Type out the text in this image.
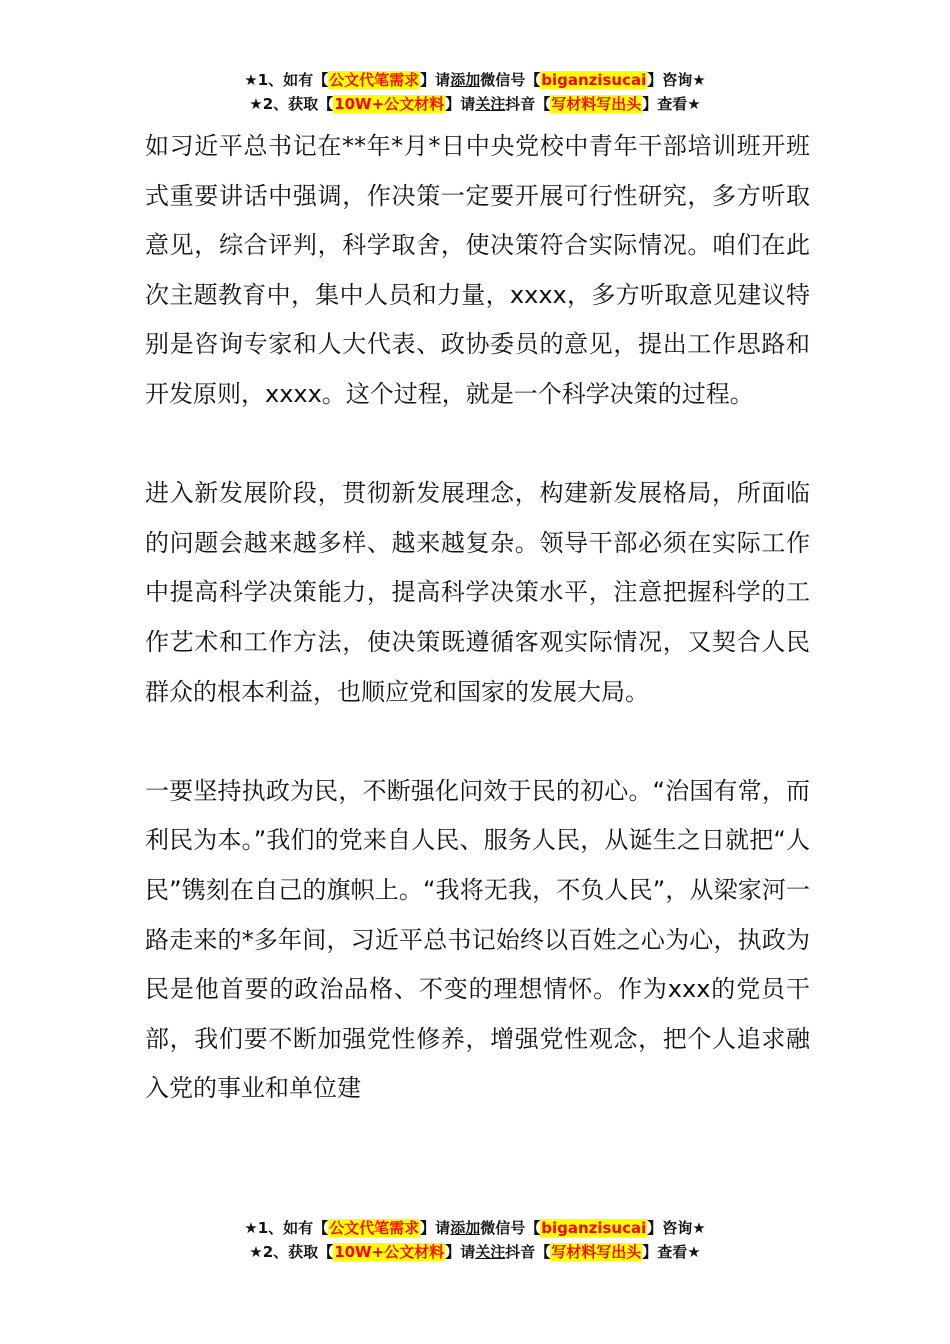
★1、如有【公文代笔需求】请添加微信号【biganzisucai】咨询★
★2、获取【10W+公文材料】请关注抖音【写材料写出头】查看★

如习近平总书记在**年*月*日中央党校中青年干部培训班开班式重要讲话中强调，作决策一定要开展可行性研究，多方听取意见，综合评判，科学取舍，使决策符合实际情况。咱们在此次主题教育中，集中人员和力量，xxxx，多方听取意见建议特别是咨询专家和人大代表、政协委员的意见，提出工作思路和开发原则，xxxx。这个过程，就是一个科学决策的过程。

进入新发展阶段，贯彻新发展理念，构建新发展格局，所面临的问题会越来越多样、越来越复杂。领导干部必须在实际工作中提高科学决策能力，提高科学决策水平，注意把握科学的工作艺术和工作方法，使决策既遵循客观实际情况，又契合人民群众的根本利益，也顺应党和国家的发展大局。

一要坚持执政为民，不断强化问效于民的初心。“治国有常，而利民为本。”我们的党来自人民、服务人民，从诞生之日就把“人民”镌刻在自己的旗帜上。“我将无我，不负人民”，从梁家河一路走来的*多年间，习近平总书记始终以百姓之心为心，执政为民是他首要的政治品格、不变的理想情怀。作为xxx的党员干部，我们要不断加强党性修养，增强党性观念，把个人追求融入党的事业和单位建

★1、如有【公文代笔需求】请添加微信号【biganzisucai】咨询★
★2、获取【10W+公文材料】请关注抖音【写材料写出头】查看★
